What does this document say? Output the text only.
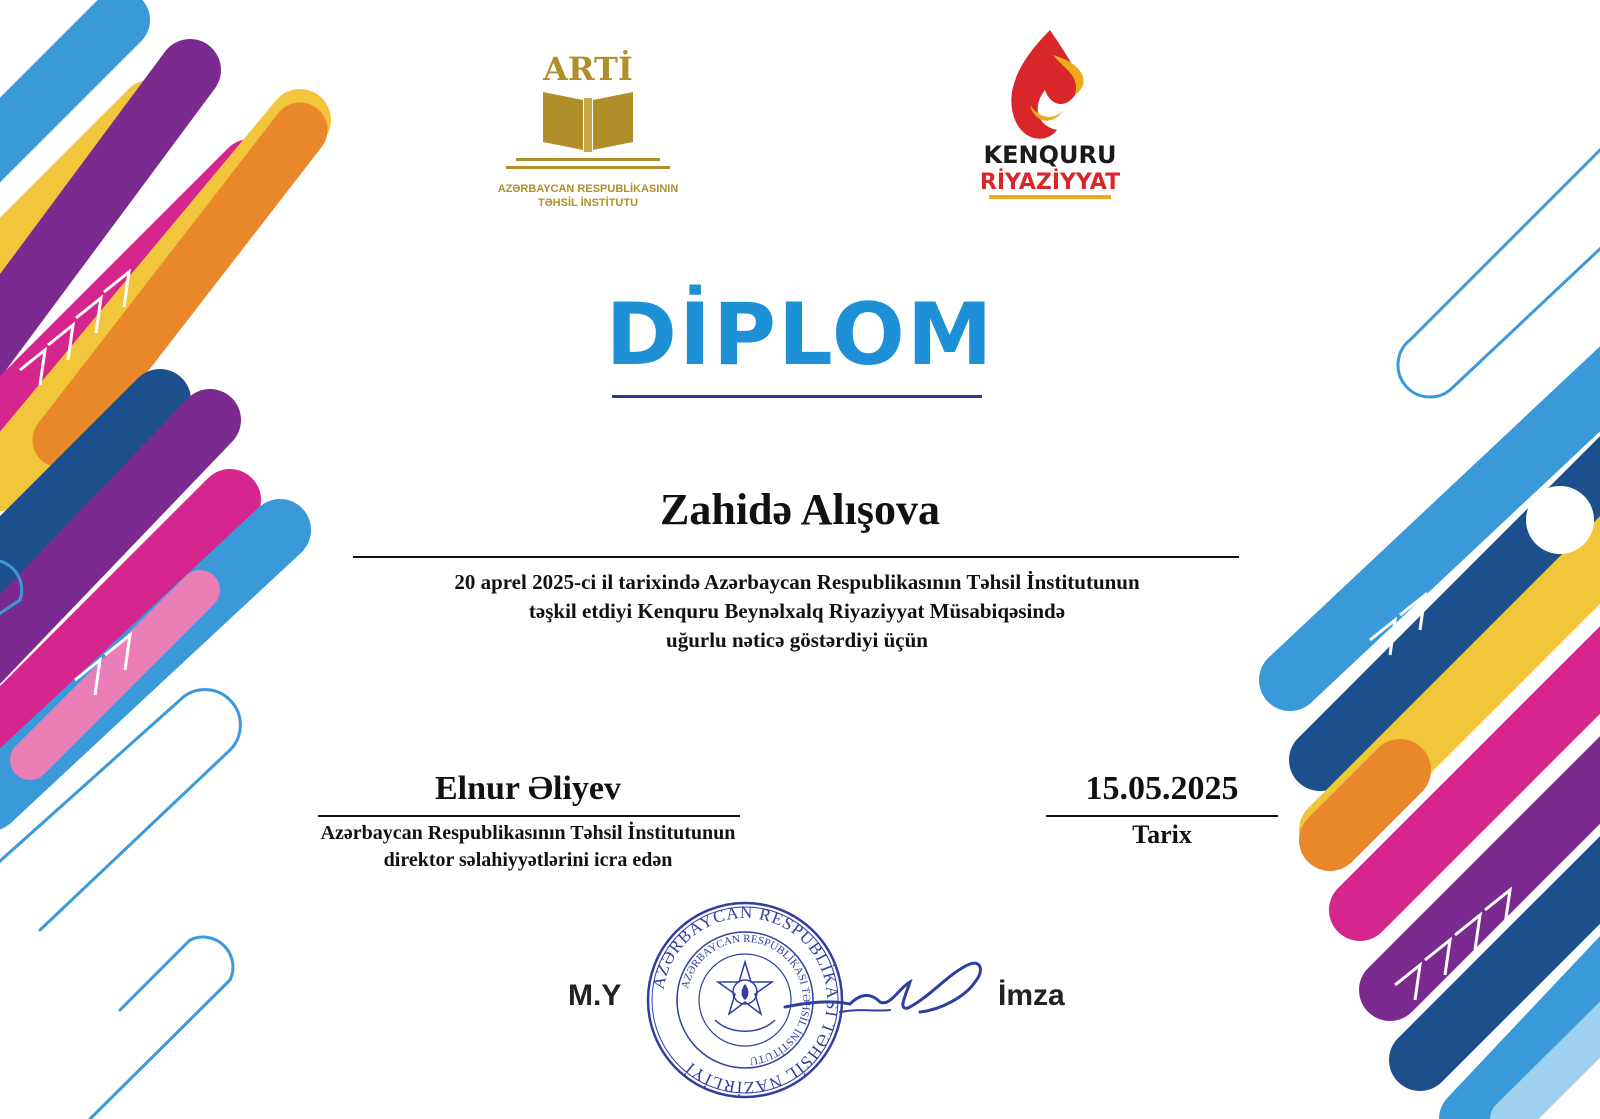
ARTİ
AZƏRBAYCAN RESPUBLİKASININ
TƏHSİL İNSTİTUTU
KENQURU
RİYAZİYYAT
DİPLOM
Zahidə Alışova
20 aprel 2025-ci il tarixində Azərbaycan Respublikasının Təhsil İnstitutunun
təşkil etdiyi Kenquru Beynəlxalq Riyaziyyat Müsabiqəsində
uğurlu nəticə göstərdiyi üçün
Elnur Əliyev
Azərbaycan Respublikasının Təhsil İnstitutunun
direktor səlahiyyətlərini icra edən
15.05.2025
Tarix
M.Y AZƏRBAYCAN RESPUBLİKASI TƏHSİL NAZİRLİYİ
AZƏRBAYCAN RESPUBLİKASI TƏHSİL İNSTİTUTU
İmza
